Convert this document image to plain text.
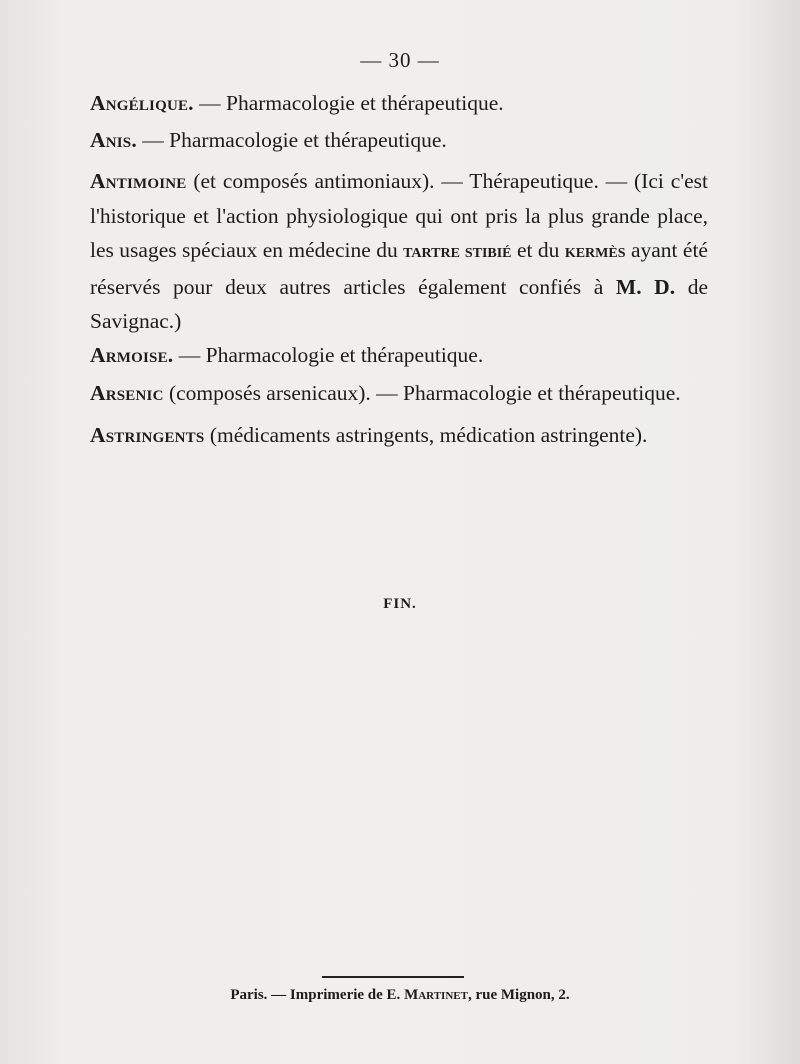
— 30 —
Angélique. — Pharmacologie et thérapeutique.
Anis. — Pharmacologie et thérapeutique.
Antimoine (et composés antimoniaux). — Thérapeutique. — (Ici c'est l'historique et l'action physiologique qui ont pris la plus grande place, les usages spéciaux en médecine du tartre stibié et du kermès ayant été réservés pour deux autres articles également confiés à M. D. de Savignac.)
Armoise. — Pharmacologie et thérapeutique.
Arsenic (composés arsenicaux). — Pharmacologie et thérapeutique.
Astringents (médicaments astringents, médication astringente).
FIN.
Paris. — Imprimerie de E. Martinet, rue Mignon, 2.
